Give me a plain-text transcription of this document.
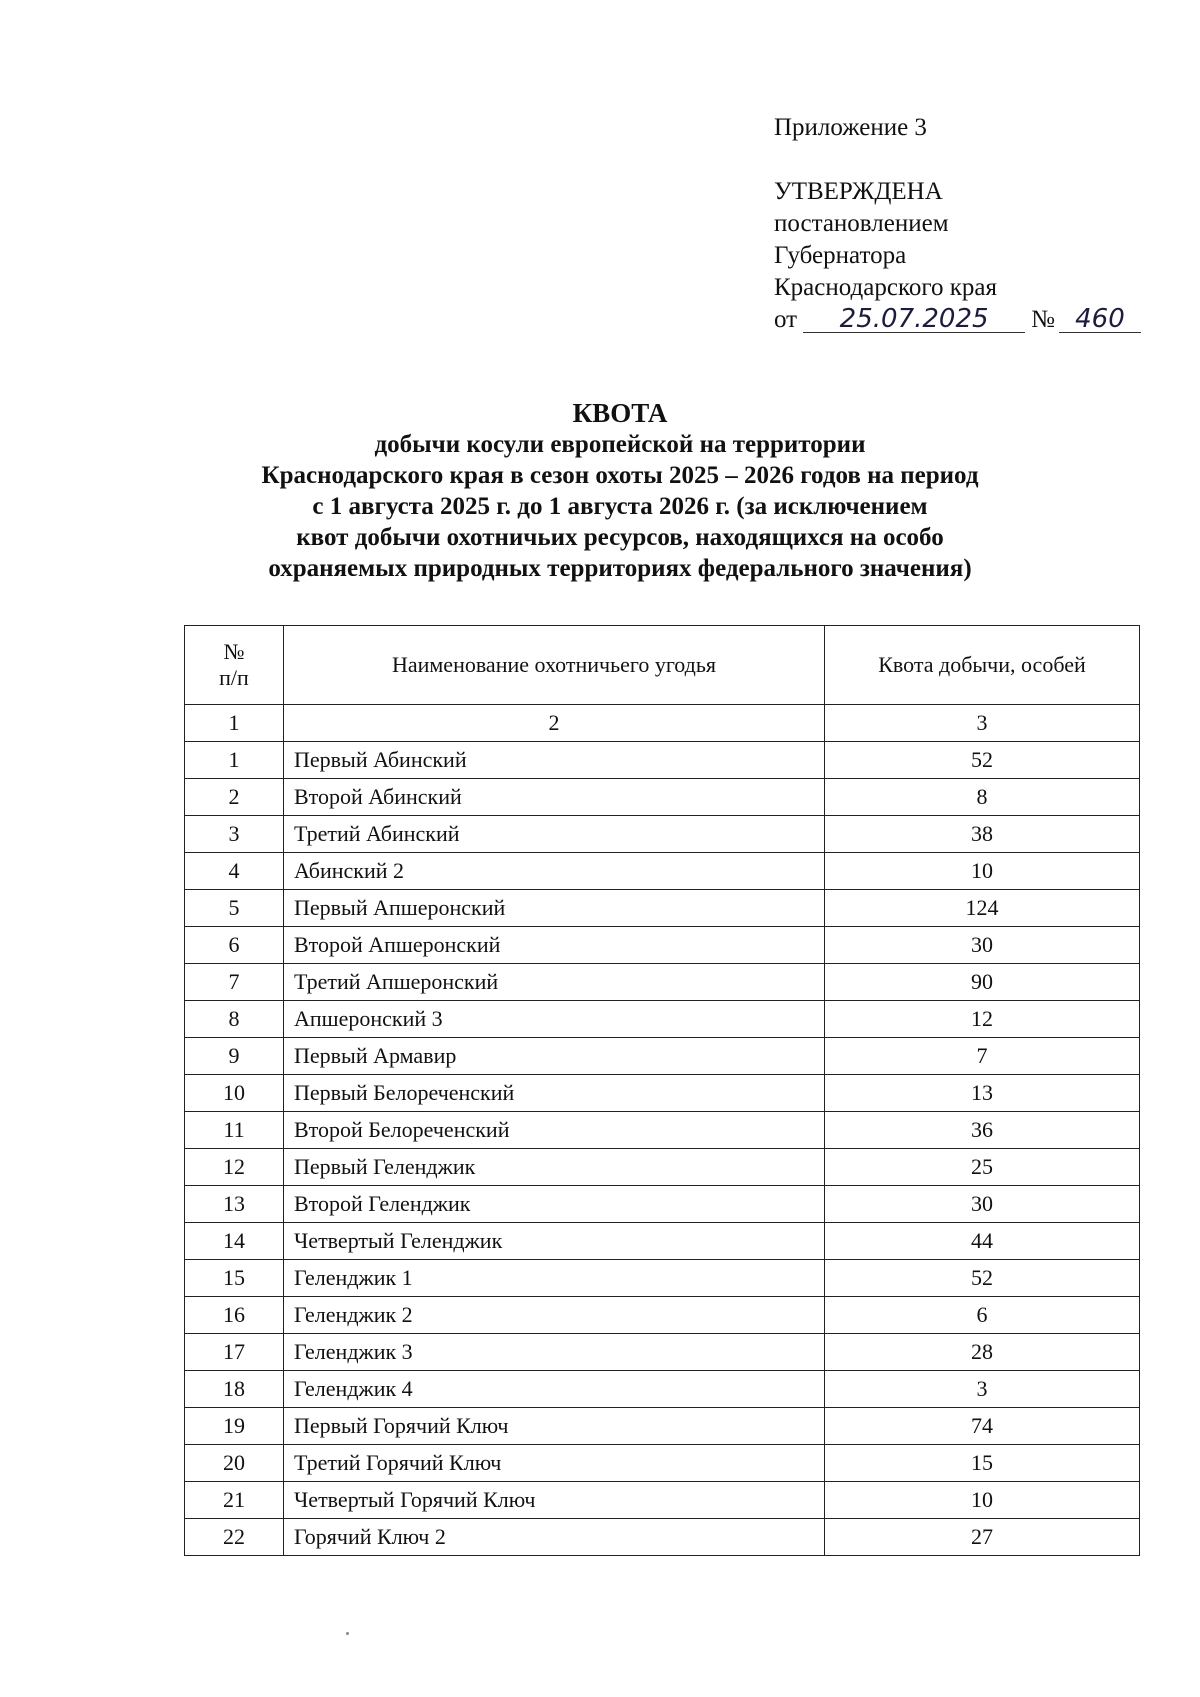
Приложение 3
УТВЕРЖДЕНА
постановлением
Губернатора
Краснодарского края
от 25.07.2025 № 460
КВОТА
добычи косули европейской на территории
Краснодарского края в сезон охоты 2025 – 2026 годов на период
с 1 августа 2025 г. до 1 августа 2026 г. (за исключением
квот добычи охотничьих ресурсов, находящихся на особо
охраняемых природных территориях федерального значения)
№
п/п	Наименование охотничьего угодья	Квота добычи, особей
1	2	3
1	Первый Абинский	52
2	Второй Абинский	8
3	Третий Абинский	38
4	Абинский 2	10
5	Первый Апшеронский	124
6	Второй Апшеронский	30
7	Третий Апшеронский	90
8	Апшеронский 3	12
9	Первый Армавир	7
10	Первый Белореченский	13
11	Второй Белореченский	36
12	Первый Геленджик	25
13	Второй Геленджик	30
14	Четвертый Геленджик	44
15	Геленджик 1	52
16	Геленджик 2	6
17	Геленджик 3	28
18	Геленджик 4	3
19	Первый Горячий Ключ	74
20	Третий Горячий Ключ	15
21	Четвертый Горячий Ключ	10
22	Горячий Ключ 2	27
